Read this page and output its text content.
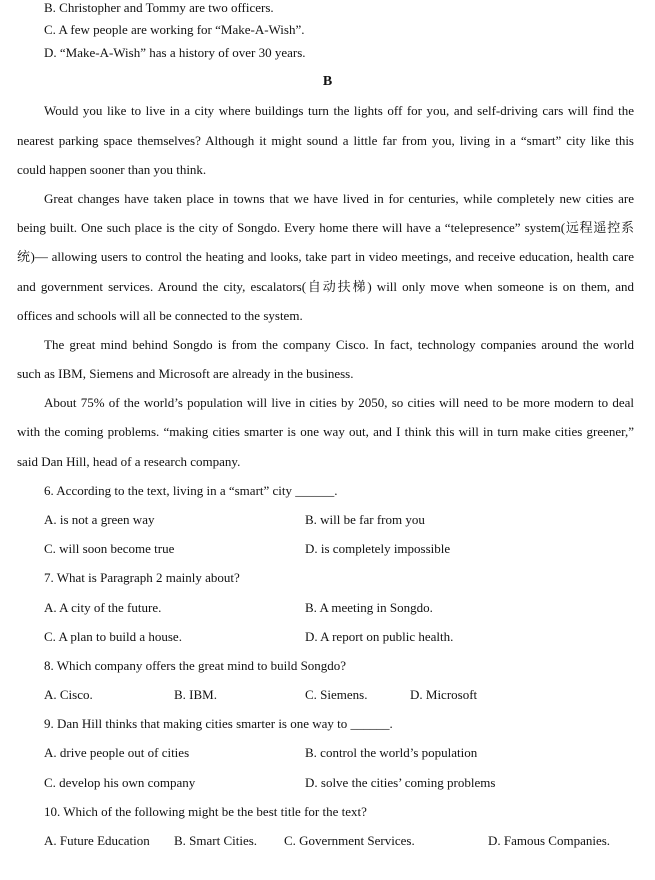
B. Christopher and Tommy are two officers.
C. A few people are working for “Make-A-Wish”.
D. “Make-A-Wish” has a history of over 30 years.
B
Would you like to live in a city where buildings turn the lights off for you, and self-driving cars will find the
nearest parking space themselves? Although it might sound a little far from you, living in a “smart” city like this
could happen sooner than you think.
Great changes have taken place in towns that we have lived in for centuries, while completely new cities are
being built. One such place is the city of Songdo. Every home there will have a “telepresence” system(远程遥控系
统)— allowing users to control the heating and looks, take part in video meetings, and receive education, health care
and government services. Around the city, escalators(自动扶梯) will only move when someone is on them, and
offices and schools will all be connected to the system.
The great mind behind Songdo is from the company Cisco. In fact, technology companies around the world
such as IBM, Siemens and Microsoft are already in the business.
About 75% of the world’s population will live in cities by 2050, so cities will need to be more modern to deal
with the coming problems. “making cities smarter is one way out, and I think this will in turn make cities greener,”
said Dan Hill, head of a research company.
6. According to the text, living in a “smart” city ______.
A. is not a green way	B. will be far from you
C. will soon become true	D. is completely impossible
7. What is Paragraph 2 mainly about?
A. A city of the future.	B. A meeting in Songdo.
C. A plan to build a house.	D. A report on public health.
8. Which company offers the great mind to build Songdo?
A. Cisco.	B. IBM.	C. Siemens.	D. Microsoft
9. Dan Hill thinks that making cities smarter is one way to ______.
A. drive people out of cities	B. control the world’s population
C. develop his own company	D. solve the cities’ coming problems
10. Which of the following might be the best title for the text?
A. Future Education B. Smart Cities. C. Government Services.	D. Famous Companies.
